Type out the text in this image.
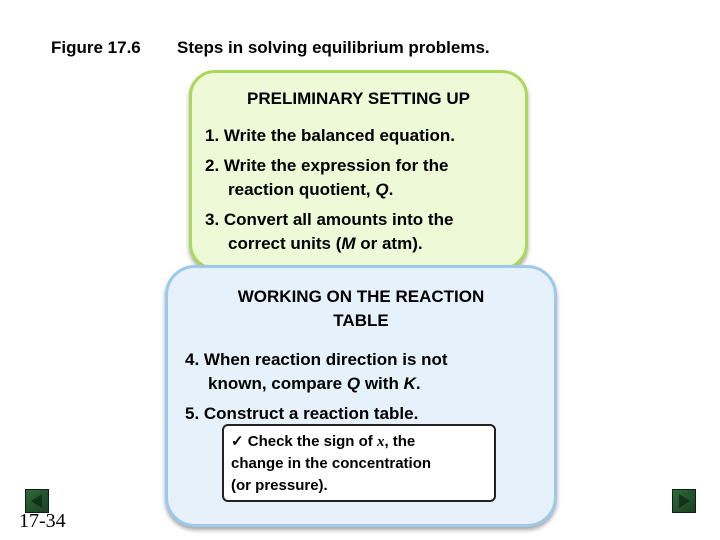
Figure 17.6 Steps in solving equilibrium problems.
PRELIMINARY SETTING UP
1. Write the balanced equation.
2. Write the expression for the
reaction quotient, Q.
3. Convert all amounts into the
correct units (M or atm).
WORKING ON THE REACTION
TABLE
4. When reaction direction is not
known, compare Q with K.
5. Construct a reaction table.
✓ Check the sign of x, the
change in the concentration
(or pressure).
17-34
